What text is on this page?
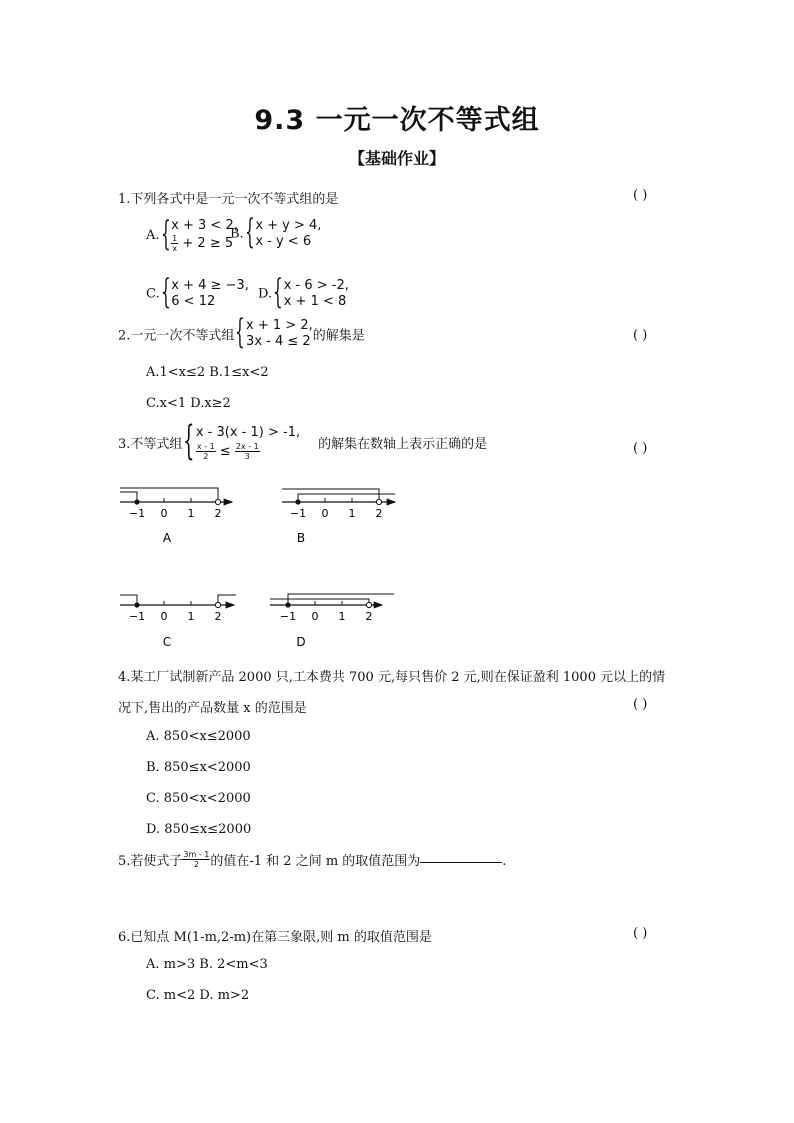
9.3 一元一次不等式组
【基础作业】
1.下列各式中是一元一次不等式组的是	( )
A.{ x + 3 < 2,
$\frac{1}{x} + 2 \ge 5$
B.{ x + y > 4,
x - y < 6
C.{ x + 4 ≥ −3,
6 < 12	D.{ x - 6 > -2,
x + 1 < 8
2.一元一次不等式组{ x + 1 > 2,
3x - 4 ≤ 2 的解集是	( )
A.1<x≤2 B.1≤x<2
C.x<1 D.x≥2
3.不等式组{ x - 3(x - 1) > -1,
$\frac{x - 1}{2} \le \frac{2x - 1}{3}$	的解集在数轴上表示正确的是	( )
−1 0 1 2
A
−1 0 1 2
B
−1 0 1 2
C
−1 0 1 2
D
4.某工厂试制新产品 2000 只,工本费共 700 元,每只售价 2 元,则在保证盈利 1000 元以上的情
况下,售出的产品数量 x 的范围是	( )
A. 850<x≤2000
B. 850≤x<2000
C. 850<x<2000
D. 850≤x≤2000
5.若使式子 $\frac{3m - 1}{2}$ 的值在-1 和 2 之间 m 的取值范围为	.
6.已知点 M(1-m,2-m)在第三象限,则 m 的取值范围是	( )
A. m>3 B. 2<m<3
C. m<2 D. m>2
